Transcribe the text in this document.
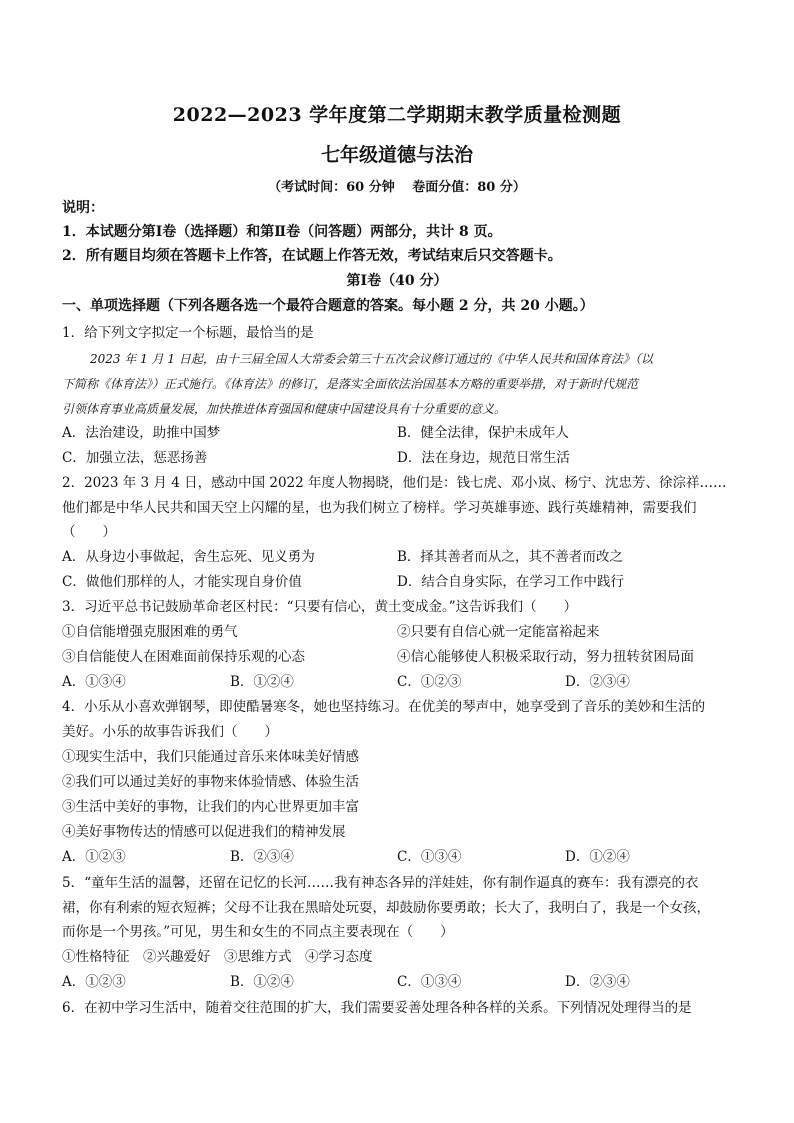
2022—2023 学年度第二学期期末教学质量检测题
七年级道德与法治
（考试时间：60 分钟　 卷面分值：80 分）
说明：
1．本试题分第Ⅰ卷（选择题）和第Ⅱ卷（问答题）两部分，共计 8 页。
2．所有题目均须在答题卡上作答，在试题上作答无效，考试结束后只交答题卡。
第Ⅰ卷（40 分）
一、单项选择题（下列各题各选一个最符合题意的答案。每小题 2 分，共 20 小题。）
1．给下列文字拟定一个标题，最恰当的是
2023 年 1 月 1 日起，由十三届全国人大常委会第三十五次会议修订通过的《中华人民共和国体育法》（以
下简称《体育法》）正式施行。《体育法》的修订，是落实全面依法治国基本方略的重要举措，对于新时代规范
引领体育事业高质量发展，加快推进体育强国和健康中国建设具有十分重要的意义。
A．法治建设，助推中国梦	B．健全法律，保护未成年人
C．加强立法，惩恶扬善	D．法在身边，规范日常生活
2．2023 年 3 月 4 日，感动中国 2022 年度人物揭晓，他们是：钱七虎、邓小岚、杨宁、沈忠芳、徐淙祥……
他们都是中华人民共和国天空上闪耀的星，也为我们树立了榜样。学习英雄事迹、践行英雄精神，需要我们
（　　）
A．从身边小事做起，舍生忘死、见义勇为	B．择其善者而从之，其不善者而改之
C．做他们那样的人，才能实现自身价值	D．结合自身实际，在学习工作中践行
3．习近平总书记鼓励革命老区村民：“只要有信心，黄土变成金。”这告诉我们（　　）
①自信能增强克服困难的勇气	②只要有自信心就一定能富裕起来
③自信能使人在困难面前保持乐观的心态	④信心能够使人积极采取行动，努力扭转贫困局面
A．①③④	B．①②④	C．①②③	D．②③④
4．小乐从小喜欢弹钢琴，即使酷暑寒冬，她也坚持练习。在优美的琴声中，她享受到了音乐的美妙和生活的
美好。小乐的故事告诉我们（　　）
①现实生活中，我们只能通过音乐来体味美好情感
②我们可以通过美好的事物来体验情感、体验生活
③生活中美好的事物，让我们的内心世界更加丰富
④美好事物传达的情感可以促进我们的精神发展
A．①②③	B．②③④	C．①③④	D．①②④
5．“童年生活的温馨，还留在记忆的长河……我有神态各异的洋娃娃，你有制作逼真的赛车：我有漂亮的衣
裙，你有利索的短衣短裤；父母不让我在黑暗处玩耍，却鼓励你要勇敢；长大了，我明白了，我是一个女孩，
而你是一个男孩。”可见，男生和女生的不同点主要表现在（　　）
①性格特征　②兴趣爱好　③思维方式　④学习态度
A．①②③	B．①②④	C．①③④	D．②③④
6．在初中学习生活中，随着交往范围的扩大，我们需要妥善处理各种各样的关系。下列情况处理得当的是
